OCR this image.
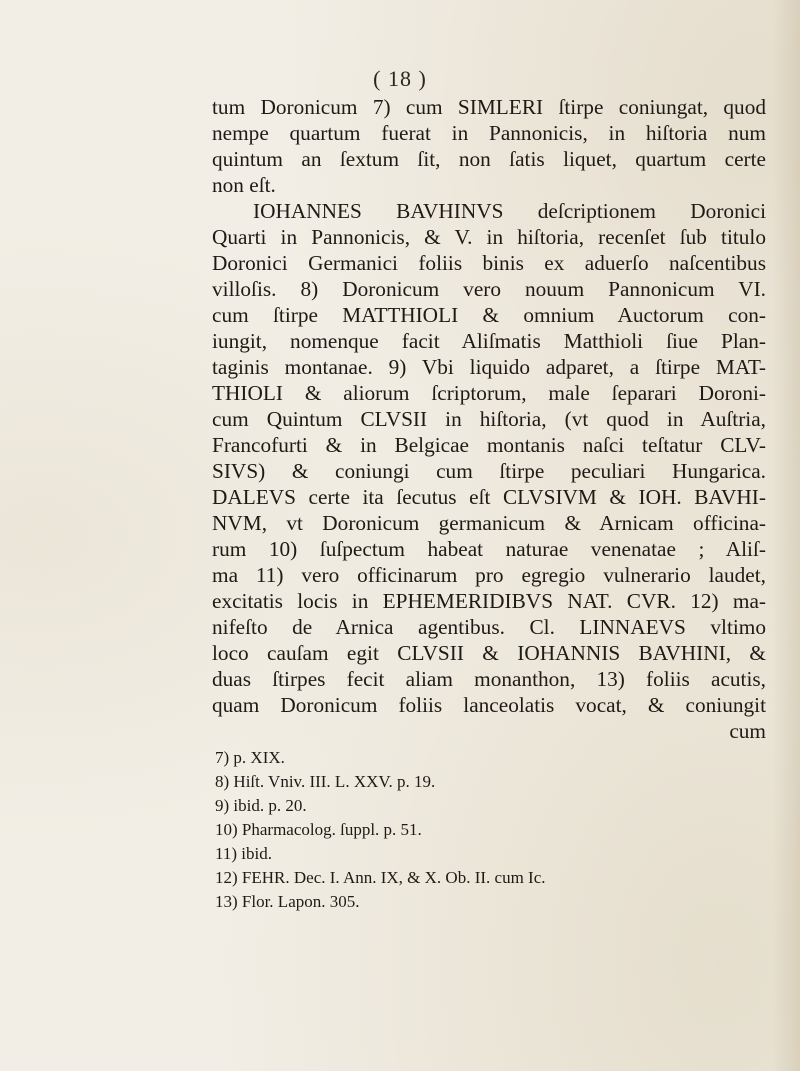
( 18 )
tum Doronicum 7) cum SIMLERI ſtirpe coniungat, quod
nempe quartum fuerat in Pannonicis, in hiſtoria num
quintum an ſextum ſit, non ſatis liquet, quartum certe
non eſt.
IOHANNES BAVHINVS deſcriptionem Doronici
Quarti in Pannonicis, & V. in hiſtoria, recenſet ſub titulo
Doronici Germanici foliis binis ex aduerſo naſcentibus
villoſis. 8) Doronicum vero nouum Pannonicum VI.
cum ſtirpe MATTHIOLI & omnium Auctorum con-
iungit, nomenque facit Aliſmatis Matthioli ſiue Plan-
taginis montanae. 9) Vbi liquido adparet, a ſtirpe MAT-
THIOLI & aliorum ſcriptorum, male ſeparari Doroni-
cum Quintum CLVSII in hiſtoria, (vt quod in Auſtria,
Francofurti & in Belgicae montanis naſci teſtatur CLV-
SIVS) & coniungi cum ſtirpe peculiari Hungarica.
DALEVS certe ita ſecutus eſt CLVSIVM & IOH. BAVHI-
NVM, vt Doronicum germanicum & Arnicam officina-
rum 10) ſuſpectum habeat naturae venenatae ; Aliſ-
ma 11) vero officinarum pro egregio vulnerario laudet,
excitatis locis in EPHEMERIDIBVS NAT. CVR. 12) ma-
nifeſto de Arnica agentibus. Cl. LINNAEVS vltimo
loco cauſam egit CLVSII & IOHANNIS BAVHINI, &
duas ſtirpes fecit aliam monanthon, 13) foliis acutis,
quam Doronicum foliis lanceolatis vocat, & coniungit
cum
7) p. XIX.
8) Hiſt. Vniv. III. L. XXV. p. 19.
9) ibid. p. 20.
10) Pharmacolog. ſuppl. p. 51.
11) ibid.
12) FEHR. Dec. I. Ann. IX, & X. Ob. II. cum Ic.
13) Flor. Lapon. 305.
